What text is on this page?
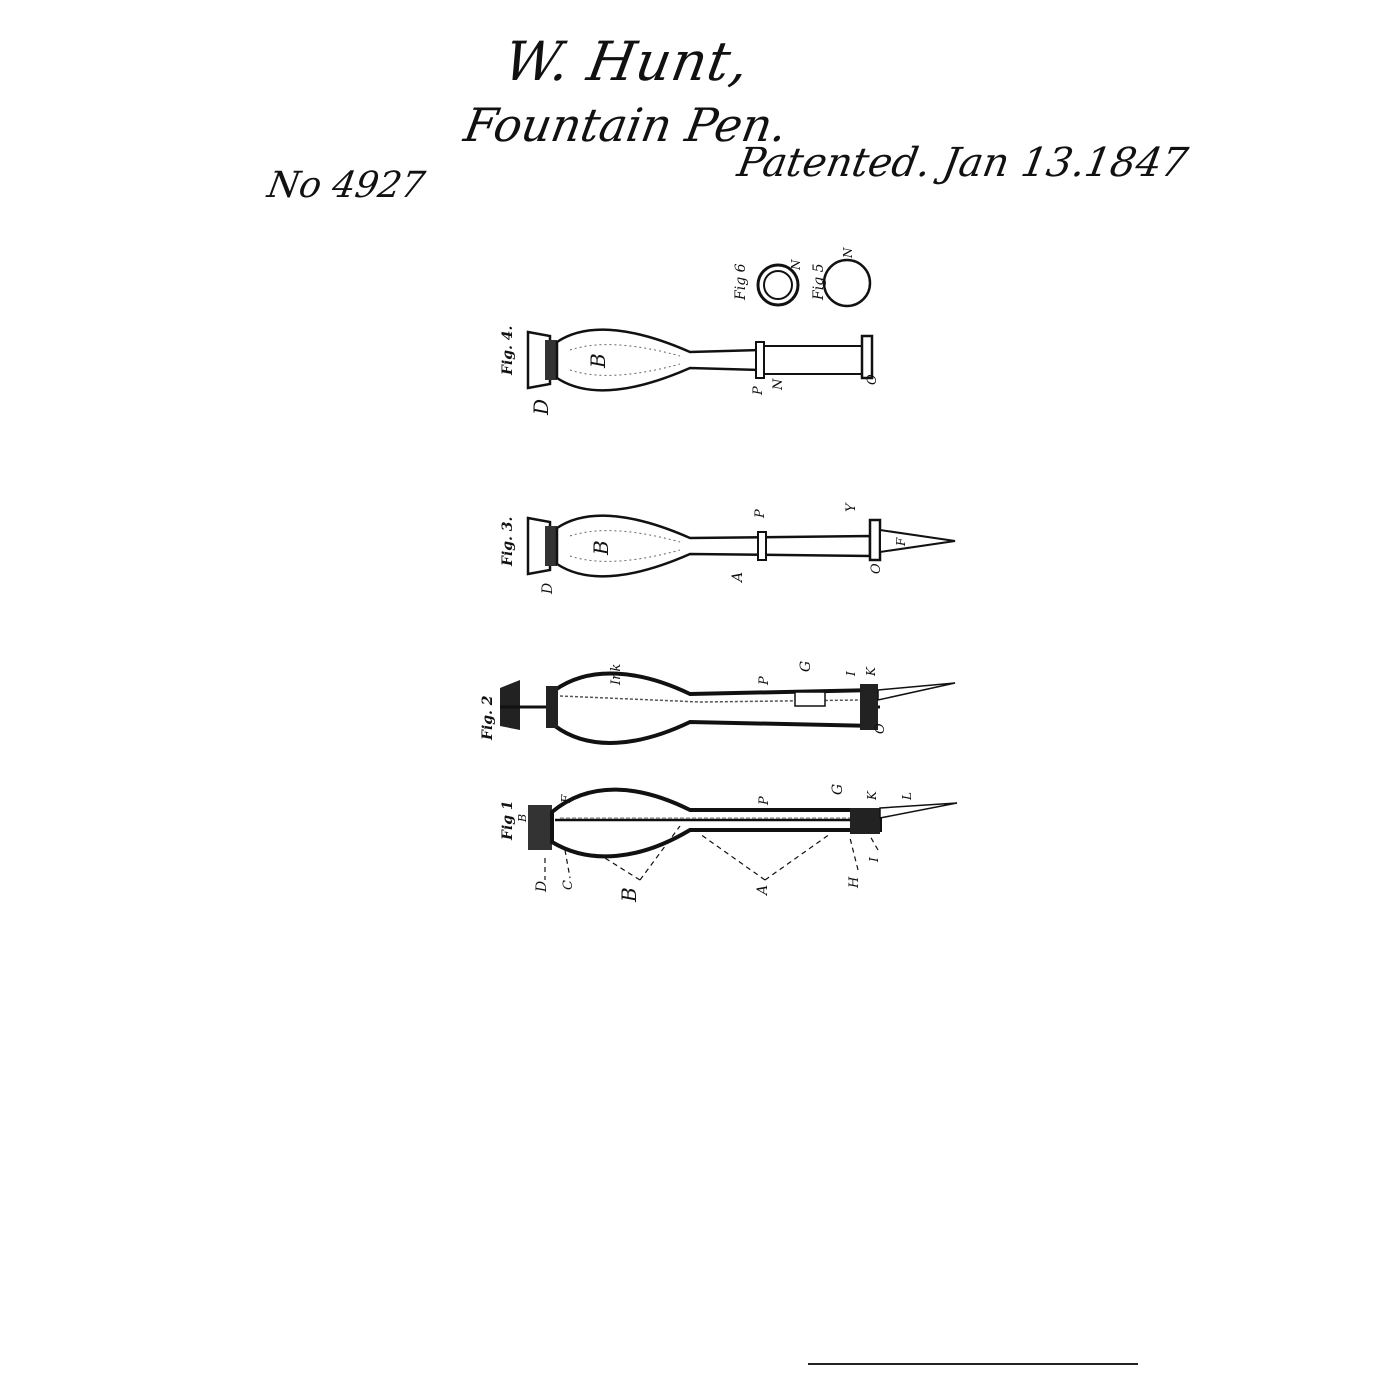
W. Hunt,
Fountain Pen.
Patented. Jan 13.1847
No 4927
Fig 6	N Fig 5
N
Fig. 4.	B
D
P
N	O
Fig. 3.	B
P
Y
D
A
O
F
Fig. 2
Ink	P
G
I K
O
Fig 1 B
F	P
G
K L
D C
B	A
H
I
